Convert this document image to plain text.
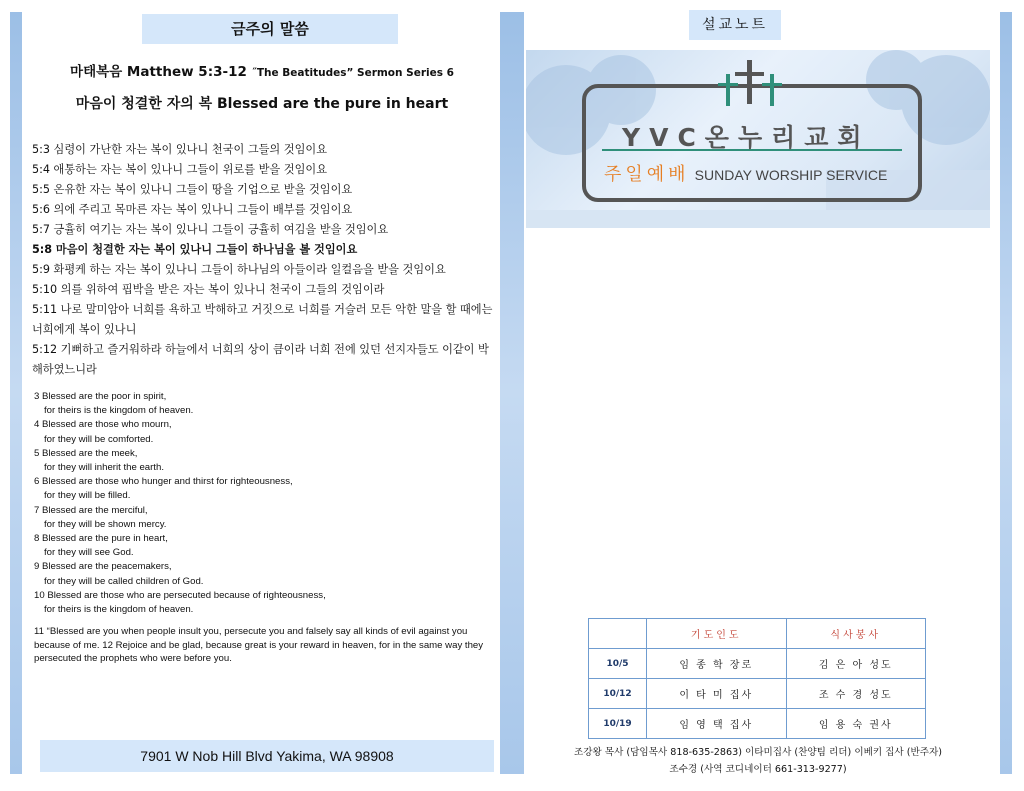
금주의 말씀
마태복음 Matthew 5:3-12 ˝The Beatitudes” Sermon Series 6
마음이 청결한 자의 복 Blessed are the pure in heart

5:3 심령이 가난한 자는 복이 있나니 천국이 그들의 것임이요

5:4 애통하는 자는 복이 있나니 그들이 위로를 받을 것임이요

5:5 온유한 자는 복이 있나니 그들이 땅을 기업으로 받을 것임이요

5:6 의에 주리고 목마른 자는 복이 있나니 그들이 배부를 것임이요

5:7 긍휼히 여기는 자는 복이 있나니 그들이 긍휼히 여김을 받을 것임이요

5:8 마음이 청결한 자는 복이 있나니 그들이 하나님을 볼 것임이요

5:9 화평케 하는 자는 복이 있나니 그들이 하나님의 아들이라 일컬음을 받을 것임이요

5:10 의를 위하여 핍박을 받은 자는 복이 있나니 천국이 그들의 것임이라

5:11 나로 말미암아 너희를 욕하고 박해하고 거짓으로 너희를 거슬러 모든 악한 말을 할 때에는 너희에게 복이 있나니

5:12 기뻐하고 즐거워하라 하늘에서 너희의 상이 큼이라 너희 전에 있던 선지자들도 이같이 박해하였느니라

3 Blessed are the poor in spirit,

for theirs is the kingdom of heaven.

4 Blessed are those who mourn,

for they will be comforted.

5 Blessed are the meek,

for they will inherit the earth.

6 Blessed are those who hunger and thirst for righteousness,

for they will be filled.

7 Blessed are the merciful,

for they will be shown mercy.

8 Blessed are the pure in heart,

for they will see God.

9 Blessed are the peacemakers,

for they will be called children of God.

10 Blessed are those who are persecuted because of righteousness,

for theirs is the kingdom of heaven.

11 “Blessed are you when people insult you, persecute you and falsely say all kinds of evil against you because of me. 12 Rejoice and be glad, because great is your reward in heaven, for in the same way they persecuted the prophets who were before you.
7901 W Nob Hill Blvd Yakima, WA 98908
설교노트
YVC온누리교회
주일예배 SUNDAY WORSHIP SERVICE
	기도인도	식사봉사
10/5	임 종 학 장로	김 은 아 성도
10/12	이 타 미 집사	조 수 경 성도
10/19	임 영 택 집사	임 용 숙 권사
조강왕 목사 (담임목사 818-635-2863) 이타미집사 (찬양팀 리더) 이베키 집사 (반주자)
조수경 (사역 코디네이터 661-313-9277)
